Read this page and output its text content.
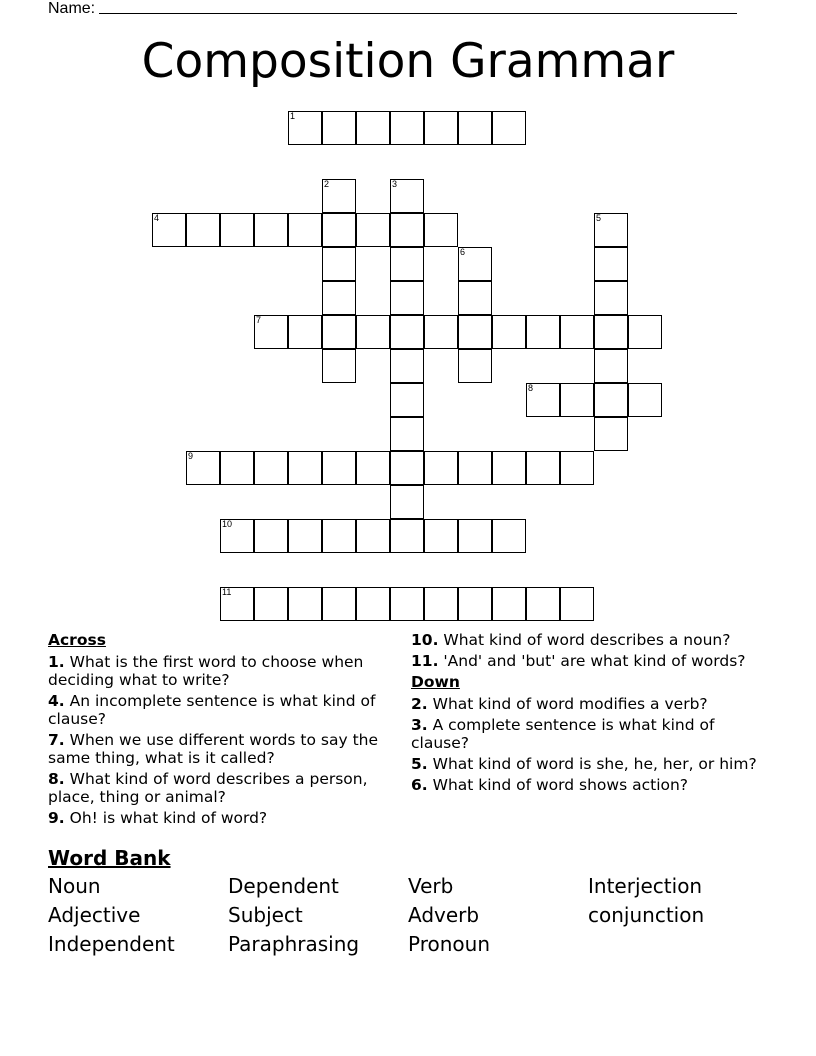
Name:
Composition Grammar
1
2	3
4	5
6
7
8
9
10
11
Across
1. What is the first word to choose when deciding what to write?
4. An incomplete sentence is what kind of clause?
7. When we use different words to say the same thing, what is it called?
8. What kind of word describes a person, place, thing or animal?
9. Oh! is what kind of word?
10. What kind of word describes a noun?
11. 'And' and 'but' are what kind of words?
Down
2. What kind of word modifies a verb?
3. A complete sentence is what kind of clause?
5. What kind of word is she, he, her, or him?
6. What kind of word shows action?
Word Bank
Noun	Dependent	Verb	Interjection
Adjective	Subject	Adverb	conjunction
Independent	Paraphrasing	Pronoun
